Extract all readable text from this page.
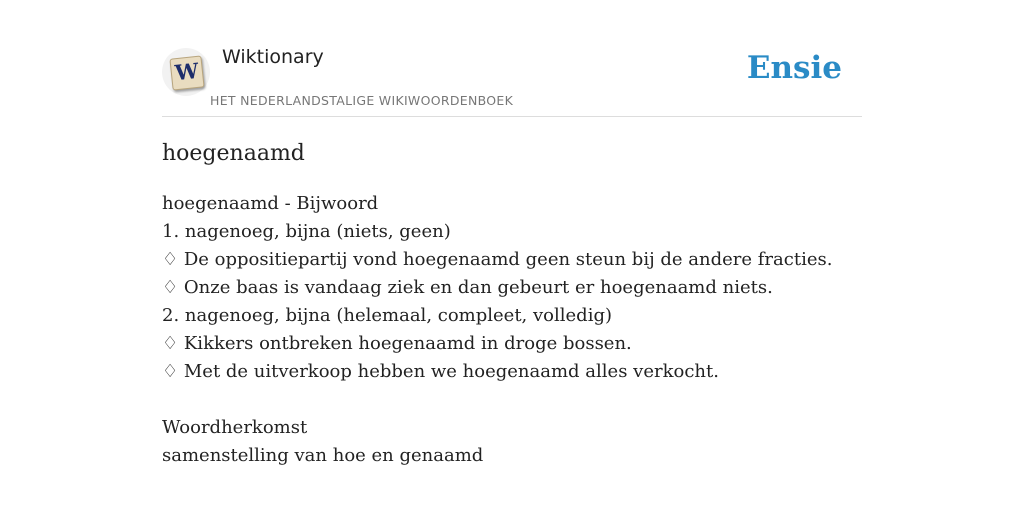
W
Wiktionary
HET NEDERLANDSTALIGE WIKIWOORDENBOEK
Ensie
hoegenaamd
hoegenaamd - Bijwoord
1. nagenoeg, bijna (niets, geen)
♢ De oppositiepartij vond hoegenaamd geen steun bij de andere fracties.
♢ Onze baas is vandaag ziek en dan gebeurt er hoegenaamd niets.
2. nagenoeg, bijna (helemaal, compleet, volledig)
♢ Kikkers ontbreken hoegenaamd in droge bossen.
♢ Met de uitverkoop hebben we hoegenaamd alles verkocht.
Woordherkomst
samenstelling van hoe en genaamd
